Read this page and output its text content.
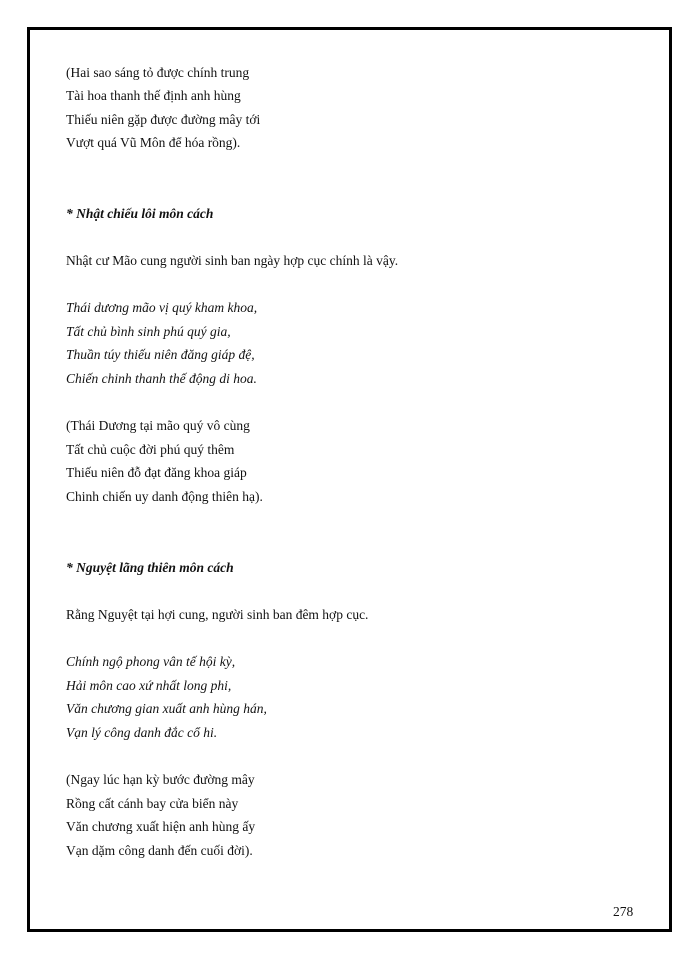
(Hai sao sáng tỏ được chính trung
Tài hoa thanh thế định anh hùng
Thiếu niên gặp được đường mây tới
Vượt quá Vũ Môn để hóa rồng).
* Nhật chiếu lôi môn cách
Nhật cư Mão cung người sinh ban ngày hợp cục chính là vậy.
Thái dương mão vị quý kham khoa,
Tất chủ bình sinh phú quý gia,
Thuần túy thiếu niên đăng giáp đệ,
Chiến chinh thanh thế động di hoa.
(Thái Dương tại mão quý vô cùng
Tất chủ cuộc đời phú quý thêm
Thiếu niên đỗ đạt đăng khoa giáp
Chinh chiến uy danh động thiên hạ).
* Nguyệt lãng thiên môn cách
Rằng Nguyệt tại hợi cung, người sinh ban đêm hợp cục.
Chính ngộ phong vân tế hội kỳ,
Hải môn cao xứ nhất long phi,
Văn chương gian xuất anh hùng hán,
Vạn lý công danh đắc cổ hi.
(Ngay lúc hạn kỳ bước đường mây
Rồng cất cánh bay cửa biển này
Văn chương xuất hiện anh hùng ấy
Vạn dặm công danh đến cuối đời).
278
